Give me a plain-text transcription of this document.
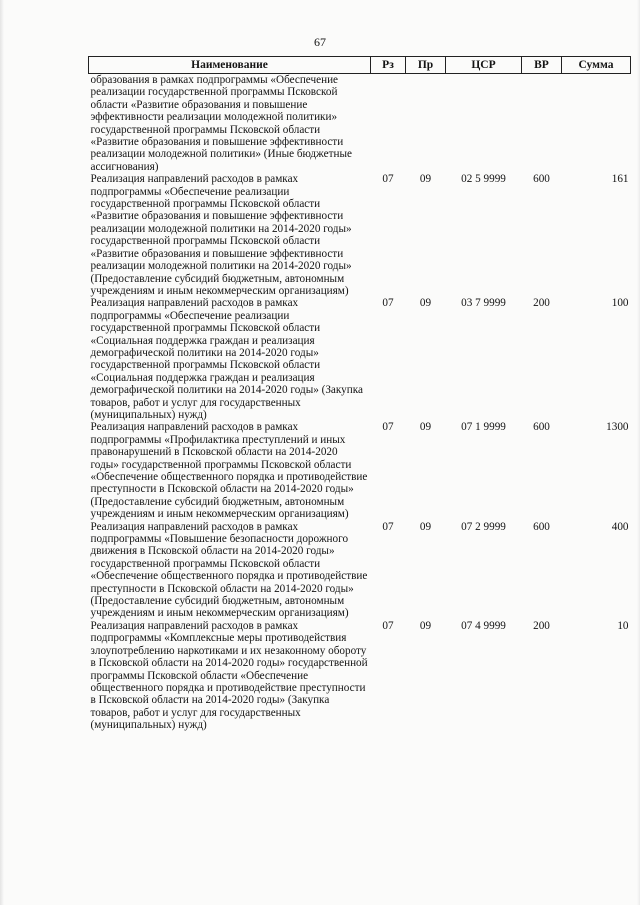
67
Наименование	Рз	Пр	ЦСР	ВР	Сумма
образования в рамках подпрограммы «Обеспечение реализации государственной программы Псковской области «Развитие образования и повышение эффективности реализации молодежной политики» государственной программы Псковской области «Развитие образования и повышение эффективности реализации молодежной политики» (Иные бюджетные ассигнования)					
Реализация направлений расходов в рамках подпрограммы «Обеспечение реализации государственной программы Псковской области «Развитие образования и повышение эффективности реализации молодежной политики на 2014-2020 годы» государственной программы Псковской области «Развитие образования и повышение эффективности реализации молодежной политики на 2014-2020 годы» (Предоставление субсидий бюджетным, автономным учреждениям и иным некоммерческим организациям)	07	09	02 5 9999	600	161
Реализация направлений расходов в рамках подпрограммы «Обеспечение реализации государственной программы Псковской области «Социальная поддержка граждан и реализация демографической политики на 2014-2020 годы» государственной программы Псковской области «Социальная поддержка граждан и реализация демографической политики на 2014-2020 годы» (Закупка товаров, работ и услуг для государственных (муниципальных) нужд)	07	09	03 7 9999	200	100
Реализация направлений расходов в рамках подпрограммы «Профилактика преступлений и иных правонарушений в Псковской области на 2014-2020 годы» государственной программы Псковской области «Обеспечение общественного порядка и противодействие преступности в Псковской области на 2014-2020 годы» (Предоставление субсидий бюджетным, автономным учреждениям и иным некоммерческим организациям)	07	09	07 1 9999	600	1300
Реализация направлений расходов в рамках подпрограммы «Повышение безопасности дорожного движения в Псковской области на 2014-2020 годы» государственной программы Псковской области «Обеспечение общественного порядка и противодействие преступности в Псковской области на 2014-2020 годы» (Предоставление субсидий бюджетным, автономным учреждениям и иным некоммерческим организациям)	07	09	07 2 9999	600	400
Реализация направлений расходов в рамках подпрограммы «Комплексные меры противодействия злоупотреблению наркотиками и их незаконному обороту в Псковской области на 2014-2020 годы» государственной программы Псковской области «Обеспечение общественного порядка и противодействие преступности в Псковской области на 2014-2020 годы» (Закупка товаров, работ и услуг для государственных (муниципальных) нужд)	07	09	07 4 9999	200	10
